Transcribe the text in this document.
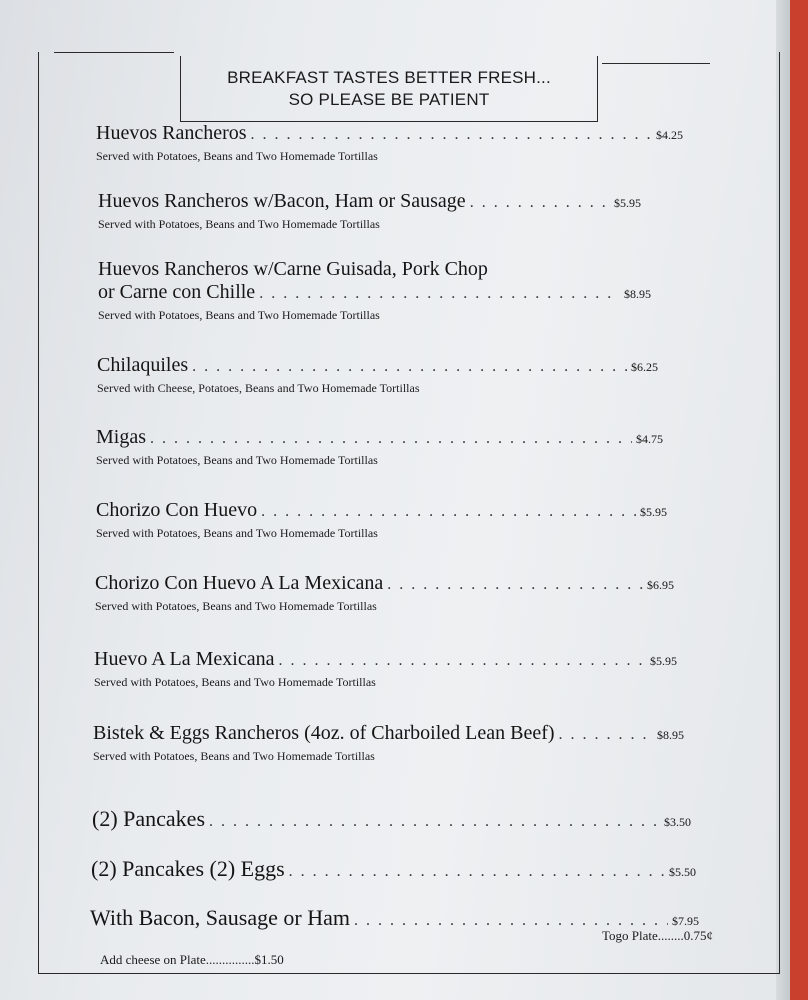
BREAKFAST TASTES BETTER FRESH...
SO PLEASE BE PATIENT
Huevos Rancheros . . .	$4.25
Served with Potatoes, Beans and Two Homemade Tortillas
Huevos Rancheros w/Bacon, Ham or Sausage . . .	$5.95
Served with Potatoes, Beans and Two Homemade Tortillas
Huevos Rancheros w/Carne Guisada, Pork Chop
or Carne con Chille . . .	$8.95
Served with Potatoes, Beans and Two Homemade Tortillas
Chilaquiles . . .	$6.25
Served with Cheese, Potatoes, Beans and Two Homemade Tortillas
Migas . . .	$4.75
Served with Potatoes, Beans and Two Homemade Tortillas
Chorizo Con Huevo . . .	$5.95
Served with Potatoes, Beans and Two Homemade Tortillas
Chorizo Con Huevo A La Mexicana . . .	$6.95
Served with Potatoes, Beans and Two Homemade Tortillas
Huevo A La Mexicana . . .	$5.95
Served with Potatoes, Beans and Two Homemade Tortillas
Bistek & Eggs Rancheros (4oz. of Charboiled Lean Beef) . . .	$8.95
Served with Potatoes, Beans and Two Homemade Tortillas
(2) Pancakes . . .	$3.50
(2) Pancakes (2) Eggs . . .	$5.50
With Bacon, Sausage or Ham . . .	$7.95
Togo Plate........0.75¢
Add cheese on Plate...............$1.50
